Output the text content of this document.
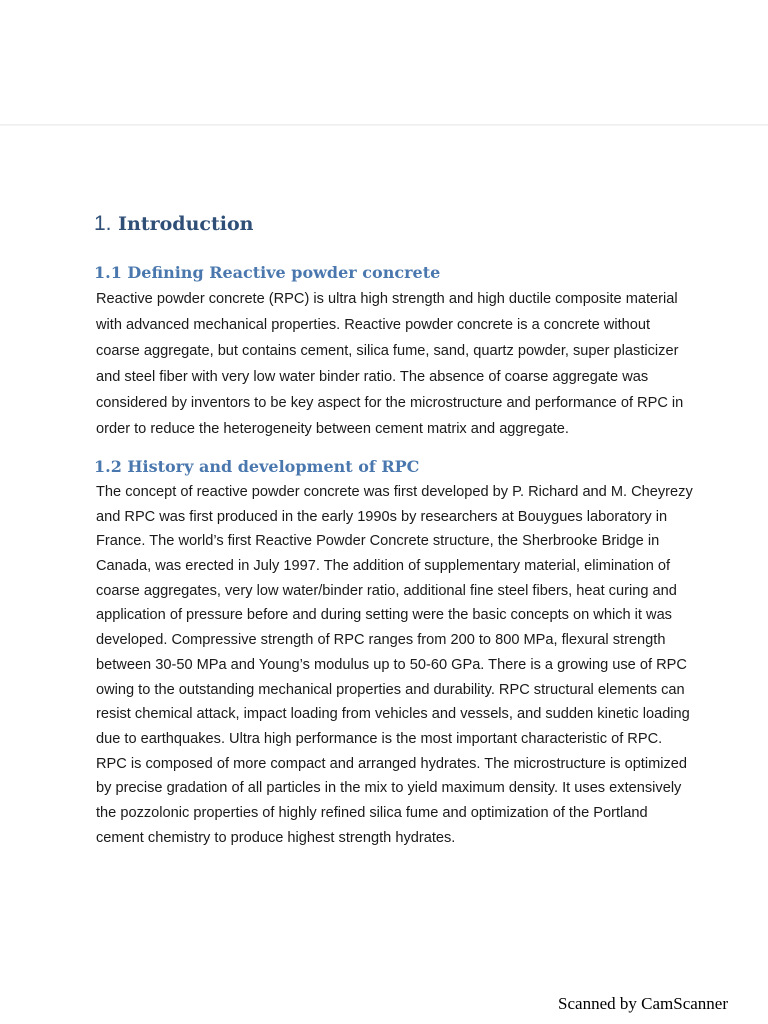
1. Introduction
1.1 Defining Reactive powder concrete
Reactive powder concrete (RPC) is ultra high strength and high ductile composite material
with advanced mechanical properties. Reactive powder concrete is a concrete without
coarse aggregate, but contains cement, silica fume, sand, quartz powder, super plasticizer
and steel fiber with very low water binder ratio. The absence of coarse aggregate was
considered by inventors to be key aspect for the microstructure and performance of RPC in
order to reduce the heterogeneity between cement matrix and aggregate.
1.2 History and development of RPC
The concept of reactive powder concrete was first developed by P. Richard and M. Cheyrezy
and RPC was first produced in the early 1990s by researchers at Bouygues laboratory in
France. The world’s first Reactive Powder Concrete structure, the Sherbrooke Bridge in
Canada, was erected in July 1997. The addition of supplementary material, elimination of
coarse aggregates, very low water/binder ratio, additional fine steel fibers, heat curing and
application of pressure before and during setting were the basic concepts on which it was
developed. Compressive strength of RPC ranges from 200 to 800 MPa, flexural strength
between 30-50 MPa and Young’s modulus up to 50-60 GPa. There is a growing use of RPC
owing to the outstanding mechanical properties and durability. RPC structural elements can
resist chemical attack, impact loading from vehicles and vessels, and sudden kinetic loading
due to earthquakes. Ultra high performance is the most important characteristic of RPC.
RPC is composed of more compact and arranged hydrates. The microstructure is optimized
by precise gradation of all particles in the mix to yield maximum density. It uses extensively
the pozzolonic properties of highly refined silica fume and optimization of the Portland
cement chemistry to produce highest strength hydrates.
Scanned by CamScanner
